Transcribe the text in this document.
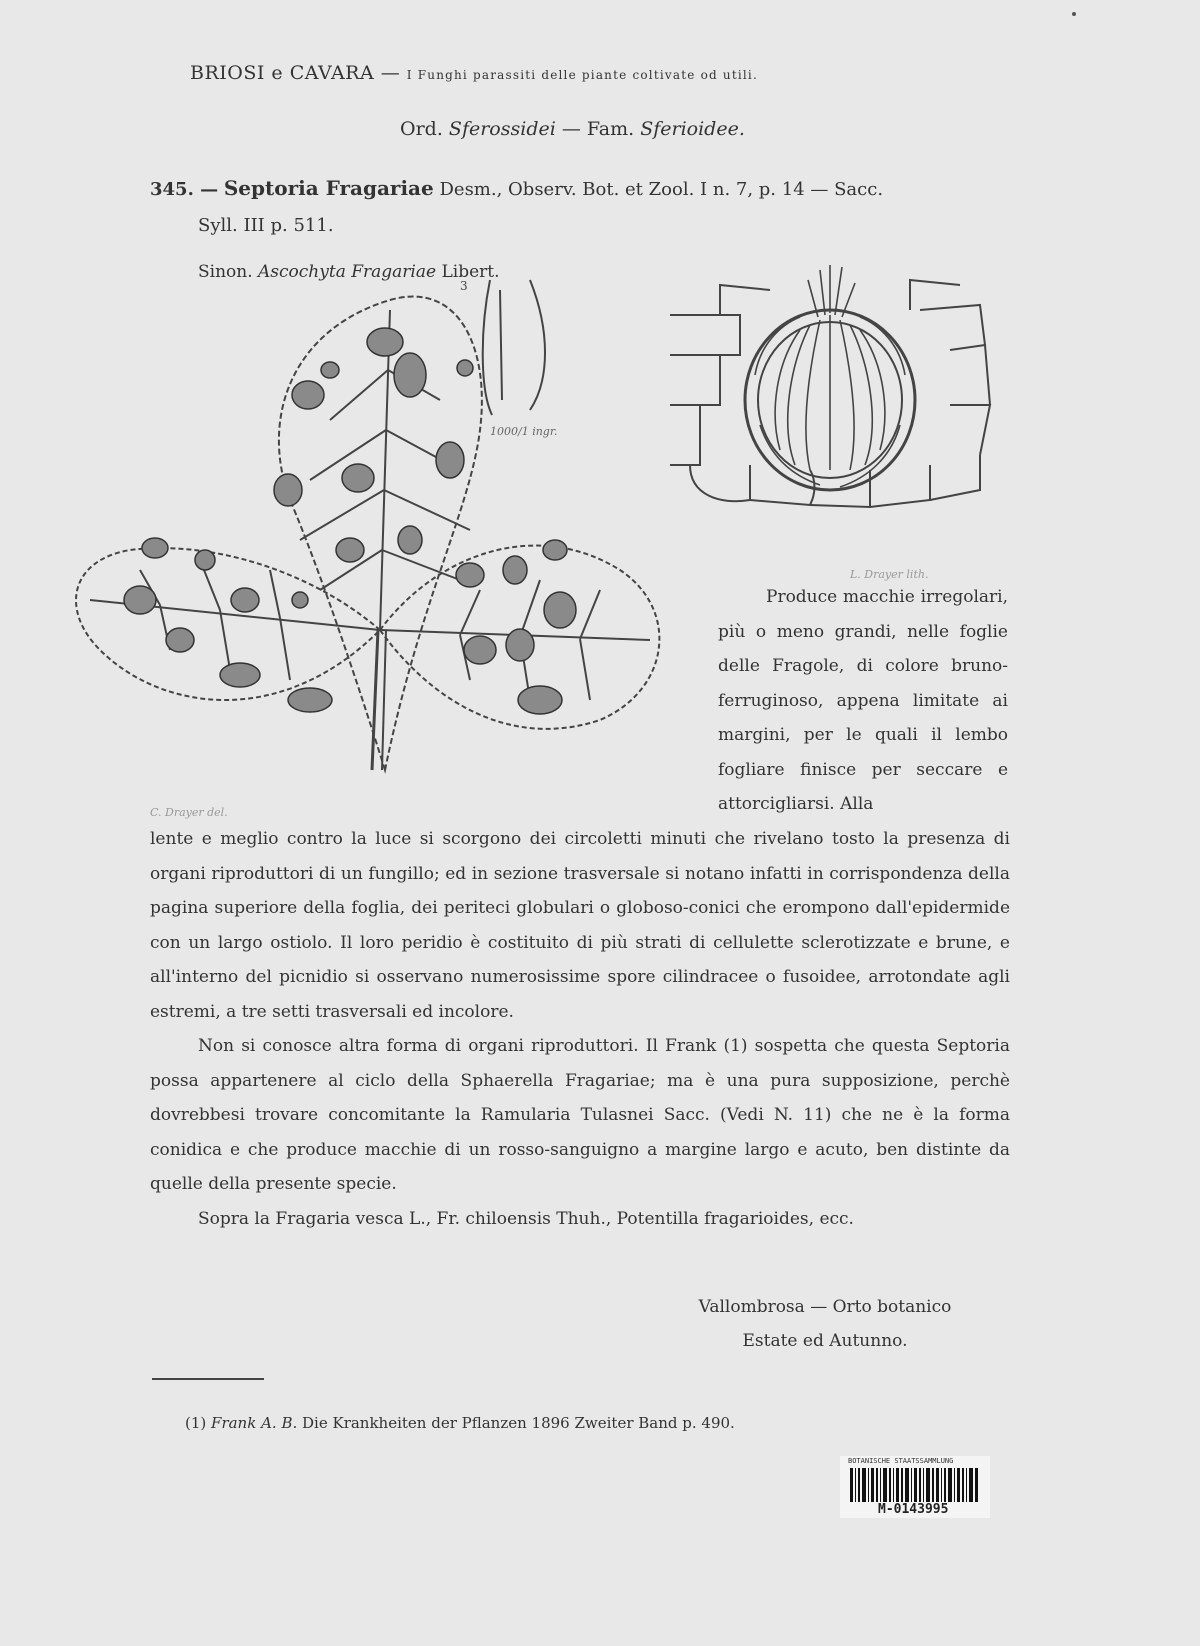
BRIOSI e CAVARA — I Funghi parassiti delle piante coltivate od utili.
Ord. Sferossidei — Fam. Sferioidee.
345. — Septoria Fragariae Desm., Observ. Bot. et Zool. I n. 7, p. 14 — Sacc.
Syll. III p. 511.
Sinon. Ascochyta Fragariae Libert.
3
1000/1 ingr.
L. Drayer lith.
C. Drayer del.

Produce macchie irregolari, più o meno grandi, nelle foglie delle Fragole, di colore bruno-ferruginoso, appena limitate ai margini, per le quali il lembo fogliare finisce per seccare e attorcigliarsi. Alla

lente e meglio contro la luce si scorgono dei circoletti minuti che rivelano tosto la presenza di organi riproduttori di un fungillo; ed in sezione trasversale si notano infatti in corrispondenza della pagina superiore della foglia, dei periteci globulari o globoso-conici che erompono dall'epidermide con un largo ostiolo. Il loro peridio è costituito di più strati di cellulette sclerotizzate e brune, e all'interno del picnidio si osservano numerosissime spore cilindracee o fusoidee, arrotondate agli estremi, a tre setti trasversali ed incolore.

Non si conosce altra forma di organi riproduttori. Il Frank (1) sospetta che questa Septoria possa appartenere al ciclo della Sphaerella Fragariae; ma è una pura supposizione, perchè dovrebbesi trovare concomitante la Ramularia Tulasnei Sacc. (Vedi N. 11) che ne è la forma conidica e che produce macchie di un rosso-sanguigno a margine largo e acuto, ben distinte da quelle della presente specie.

Sopra la Fragaria vesca L., Fr. chiloensis Thuh., Potentilla fragarioides, ecc.

Vallombrosa — Orto botanico
Estate ed Autunno.
(1) Frank A. B. Die Krankheiten der Pflanzen 1896 Zweiter Band p. 490.
BOTANISCHE STAATSSAMMLUNG
M-0143995
